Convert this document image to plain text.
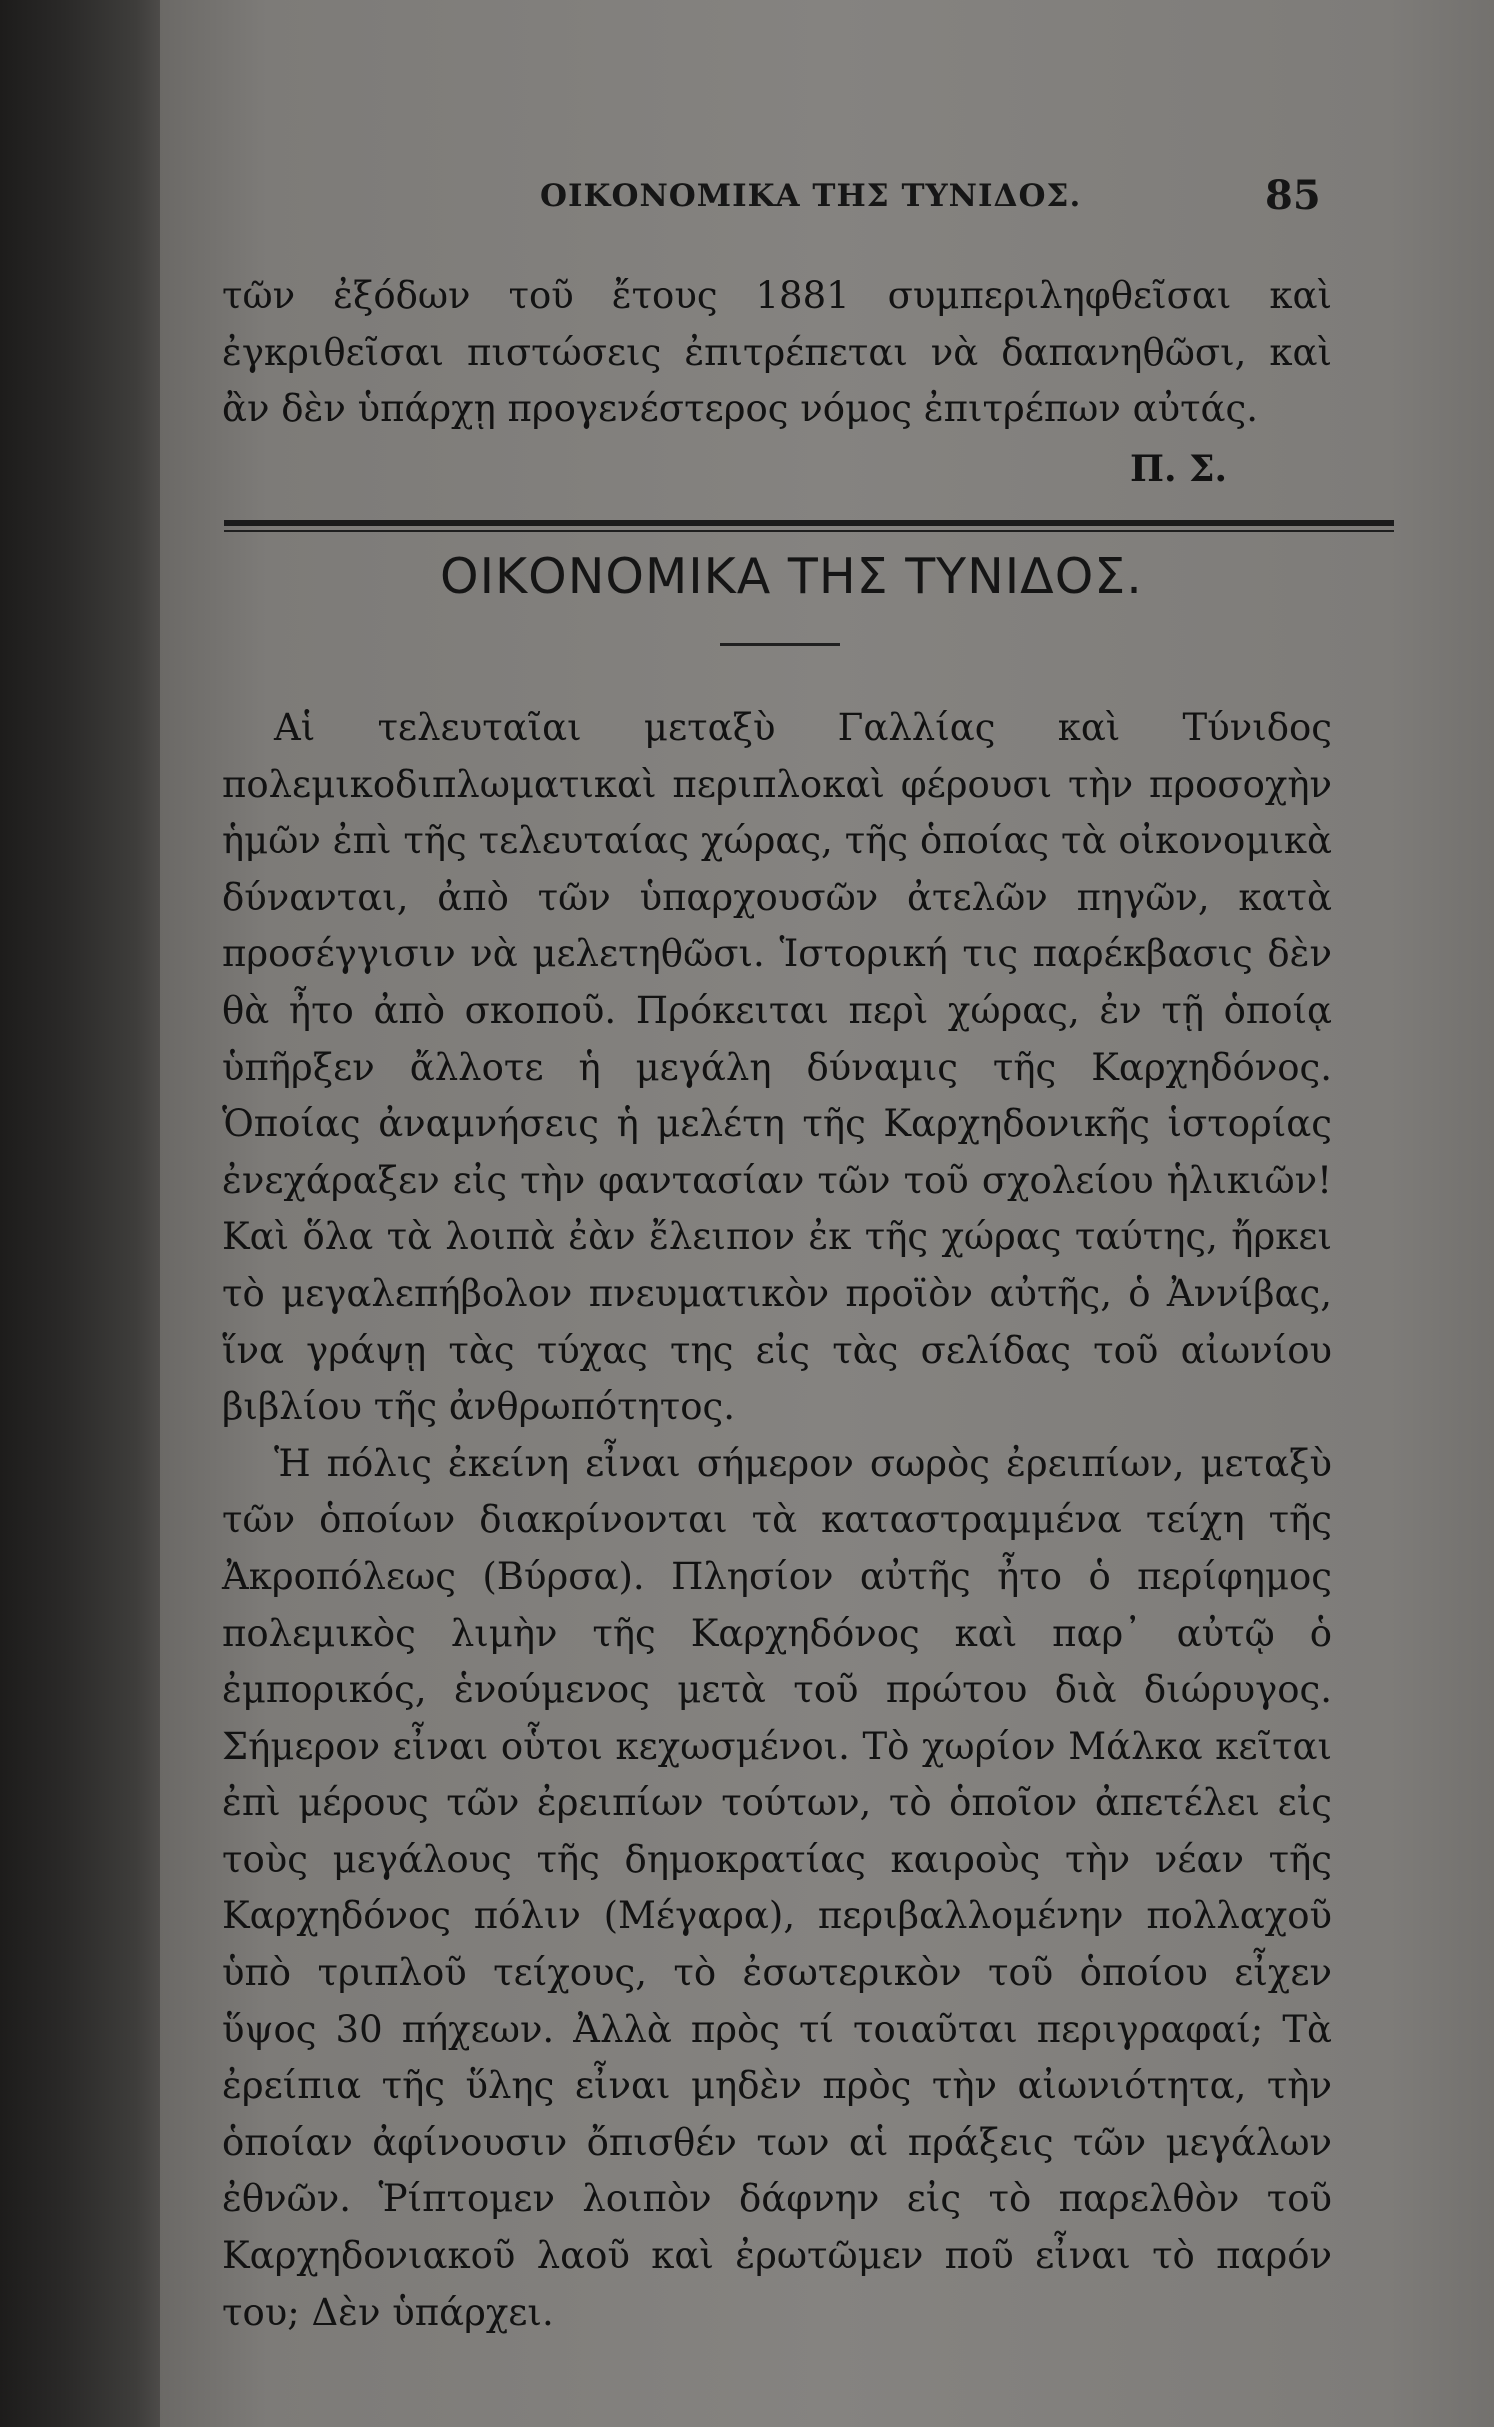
ΟΙΚΟΝΟΜΙΚΑ ΤΗΣ ΤΥΝΙΔΟΣ.	85

τῶν ἐξόδων τοῦ ἔτους 1881 συμπεριληφθεῖσαι καὶ ἐγκριθεῖσαι πιστώσεις ἐπιτρέπεται νὰ δαπανηθῶσι, καὶ ἂν δὲν ὑπάρχῃ προγενέστερος νόμος ἐπιτρέπων αὐτάς.

Π. Σ.
ΟΙΚΟΝΟΜΙΚΑ ΤΗΣ ΤΥΝΙΔΟΣ.

Αἱ τελευταῖαι μεταξὺ Γαλλίας καὶ Τύνιδος πολεμικοδιπλωματικαὶ περιπλοκαὶ φέρουσι τὴν προσοχὴν ἡμῶν ἐπὶ τῆς τελευταίας χώρας, τῆς ὁποίας τὰ οἰκονομικὰ δύνανται, ἀπὸ τῶν ὑπαρχουσῶν ἀτελῶν πηγῶν, κατὰ προσέγγισιν νὰ μελετηθῶσι. Ἱστορική τις παρέκβασις δὲν θὰ ἦτο ἀπὸ σκοποῦ. Πρόκειται περὶ χώρας, ἐν τῇ ὁποίᾳ ὑπῆρξεν ἄλλοτε ἡ μεγάλη δύναμις τῆς Καρχηδόνος. Ὁποίας ἀναμνήσεις ἡ μελέτη τῆς Καρχηδονικῆς ἱστορίας ἐνεχάραξεν εἰς τὴν φαντασίαν τῶν τοῦ σχολείου ἡλικιῶν! Καὶ ὅλα τὰ λοιπὰ ἐὰν ἔλειπον ἐκ τῆς χώρας ταύτης, ἤρκει τὸ μεγαλεπήβολον πνευματικὸν προϊὸν αὐτῆς, ὁ Ἀννίβας, ἵνα γράψῃ τὰς τύχας της εἰς τὰς σελίδας τοῦ αἰωνίου βιβλίου τῆς ἀνθρωπότητος.

Ἡ πόλις ἐκείνη εἶναι σήμερον σωρὸς ἐρειπίων, μεταξὺ τῶν ὁποίων διακρίνονται τὰ καταστραμμένα τείχη τῆς Ἀκροπόλεως (Βύρσα). Πλησίον αὐτῆς ἦτο ὁ περίφημος πολεμικὸς λιμὴν τῆς Καρχηδόνος καὶ παρ᾽ αὐτῷ ὁ ἐμπορικός, ἑνούμενος μετὰ τοῦ πρώτου διὰ διώρυγος. Σήμερον εἶναι οὗτοι κεχωσμένοι. Τὸ χωρίον Μάλκα κεῖται ἐπὶ μέρους τῶν ἐρειπίων τούτων, τὸ ὁποῖον ἀπετέλει εἰς τοὺς μεγάλους τῆς δημοκρατίας καιροὺς τὴν νέαν τῆς Καρχηδόνος πόλιν (Μέγαρα), περιβαλλομένην πολλαχοῦ ὑπὸ τριπλοῦ τείχους, τὸ ἐσωτερικὸν τοῦ ὁποίου εἶχεν ὕψος 30 πήχεων. Ἀλλὰ πρὸς τί τοιαῦται περιγραφαί; Τὰ ἐρείπια τῆς ὕλης εἶναι μηδὲν πρὸς τὴν αἰωνιότητα, τὴν ὁποίαν ἀφίνουσιν ὄπισθέν των αἱ πράξεις τῶν μεγάλων ἐθνῶν. Ῥίπτομεν λοιπὸν δάφνην εἰς τὸ παρελθὸν τοῦ Καρχηδονιακοῦ λαοῦ καὶ ἐρωτῶμεν ποῦ εἶναι τὸ παρόν του; Δὲν ὑπάρχει.
